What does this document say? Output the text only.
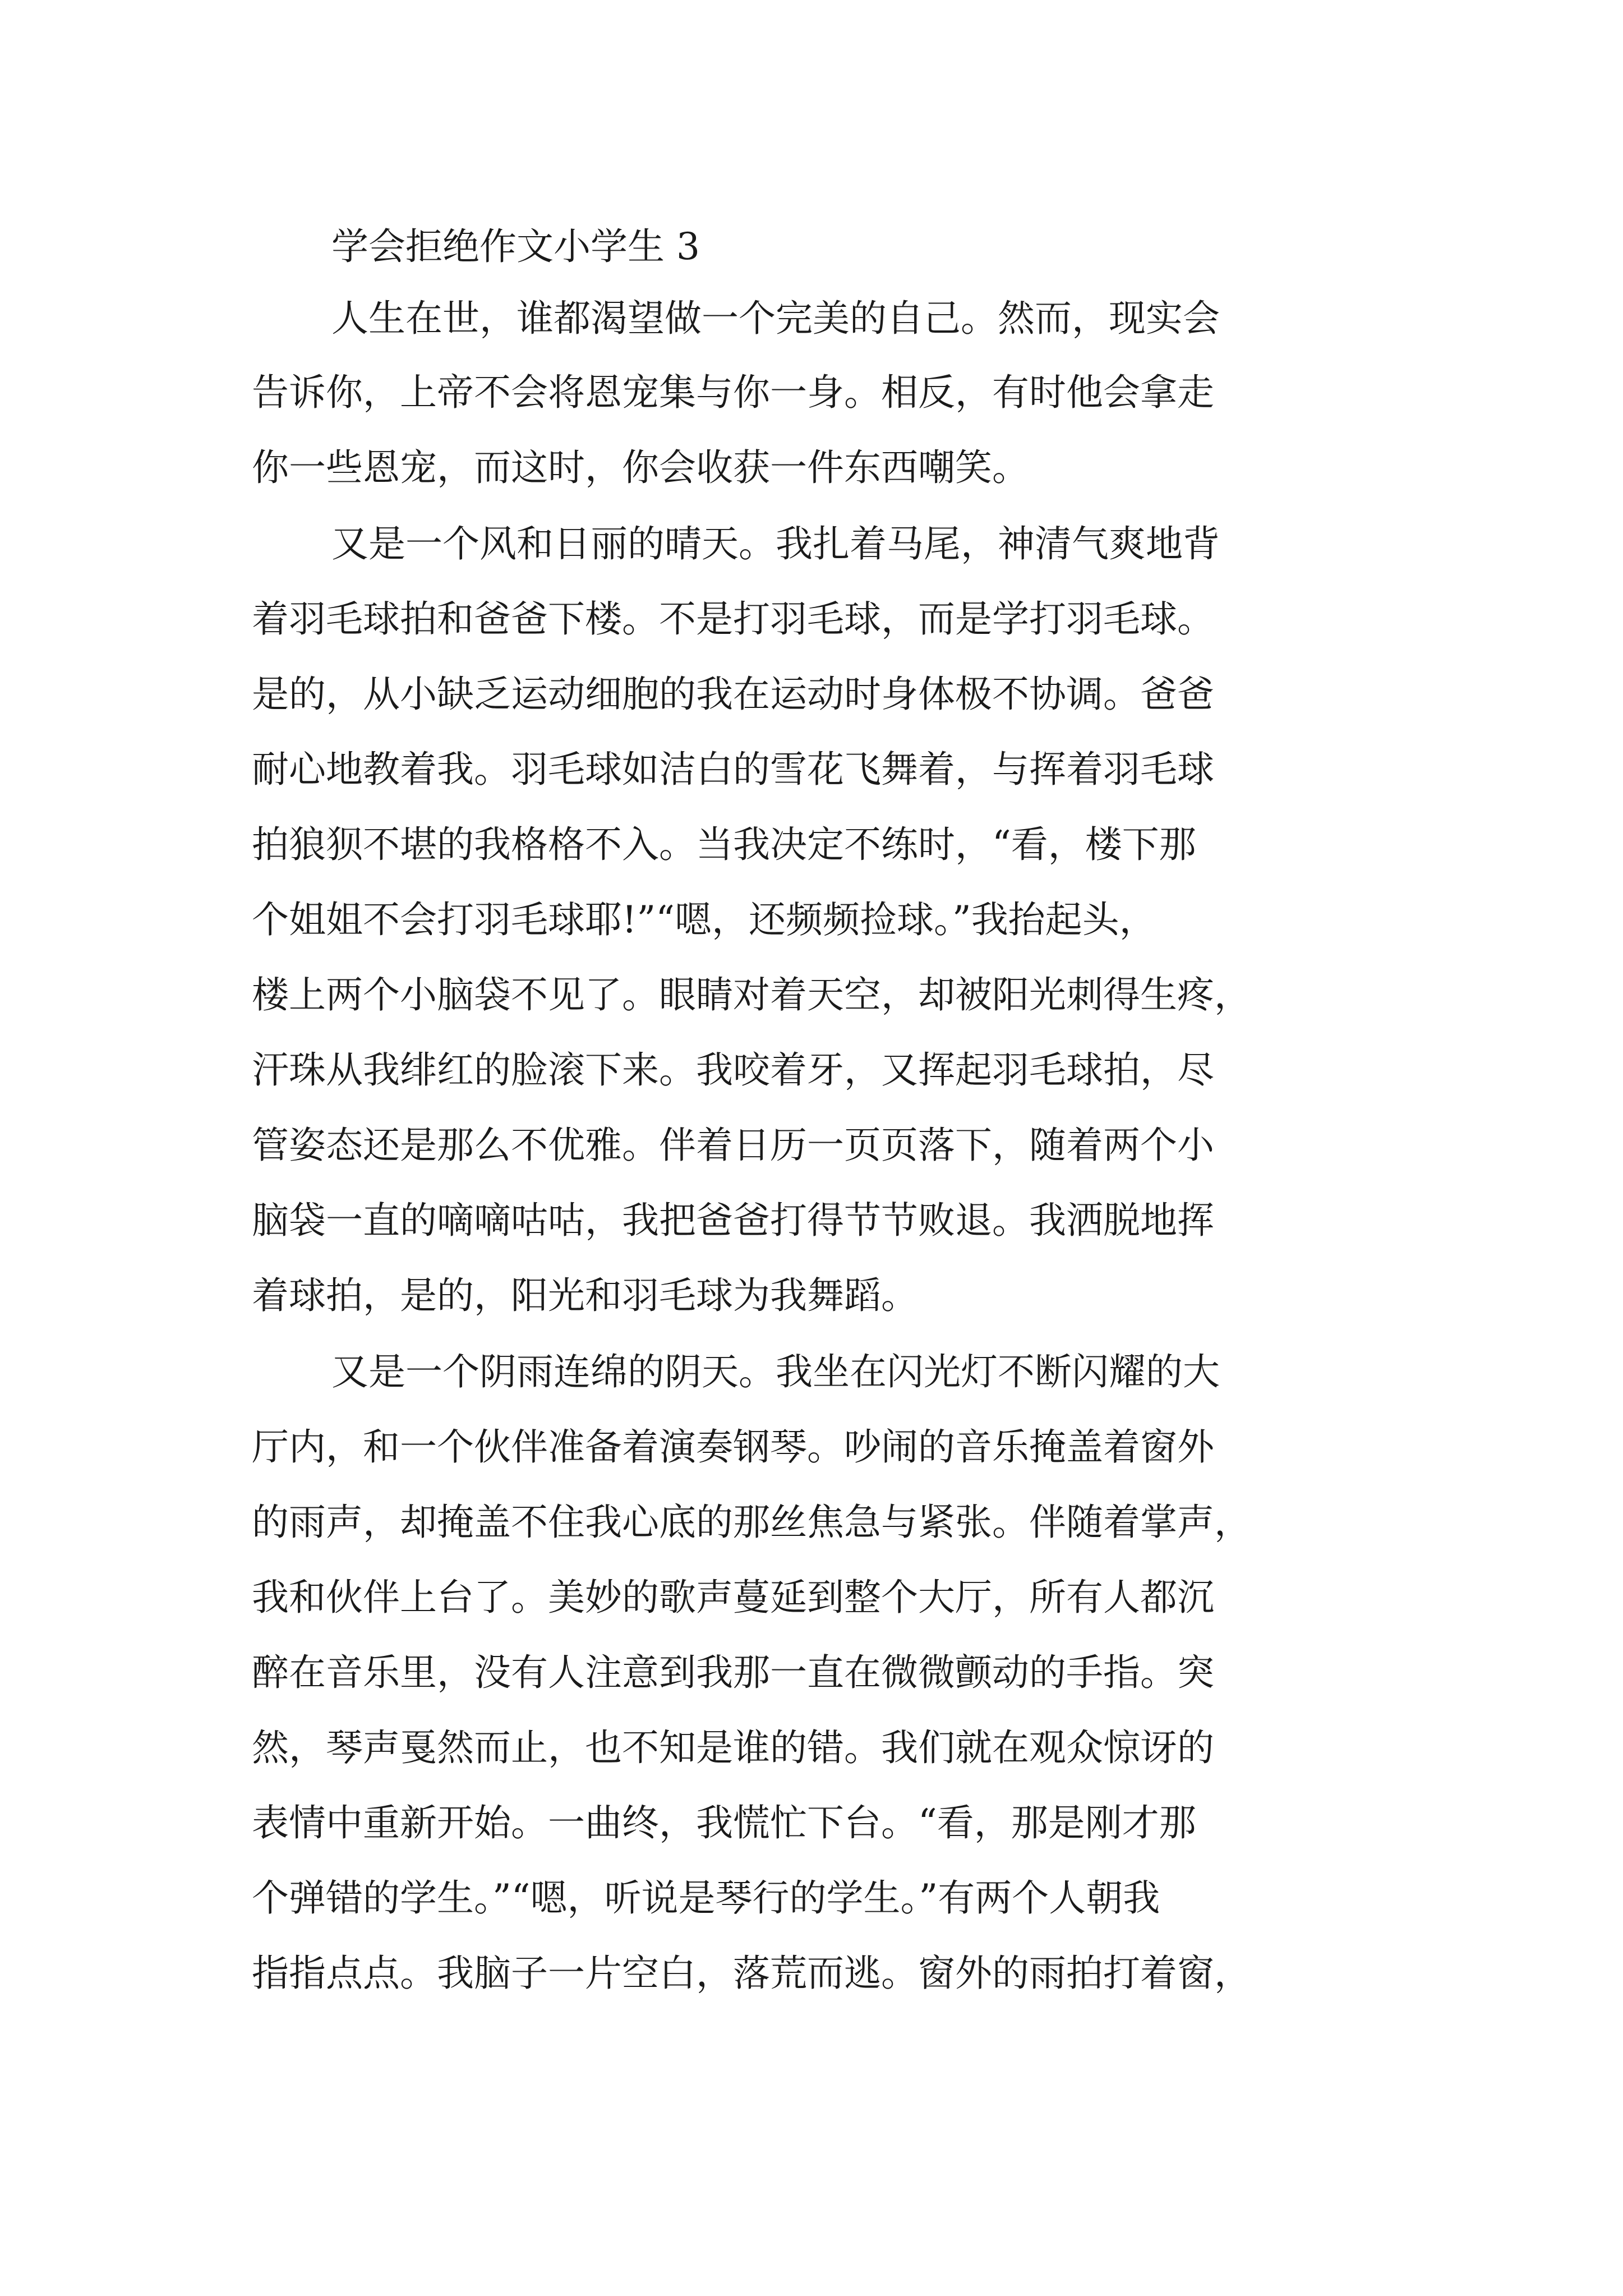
学会拒绝作文小学生 3
人生在世，谁都渴望做一个完美的自己。然而，现实会
告诉你，上帝不会将恩宠集与你一身。相反，有时他会拿走
你一些恩宠，而这时，你会收获一件东西嘲笑。
又是一个风和日丽的晴天。我扎着马尾，神清气爽地背
着羽毛球拍和爸爸下楼。不是打羽毛球，而是学打羽毛球。
是的，从小缺乏运动细胞的我在运动时身体极不协调。爸爸
耐心地教着我。羽毛球如洁白的雪花飞舞着，与挥着羽毛球
拍狼狈不堪的我格格不入。当我决定不练时，“看，楼下那
个姐姐不会打羽毛球耶!”“嗯，还频频捡球。”我抬起头，
楼上两个小脑袋不见了。眼睛对着天空，却被阳光刺得生疼，
汗珠从我绯红的脸滚下来。我咬着牙，又挥起羽毛球拍，尽
管姿态还是那么不优雅。伴着日历一页页落下，随着两个小
脑袋一直的嘀嘀咕咕，我把爸爸打得节节败退。我洒脱地挥
着球拍，是的，阳光和羽毛球为我舞蹈。
又是一个阴雨连绵的阴天。我坐在闪光灯不断闪耀的大
厅内，和一个伙伴准备着演奏钢琴。吵闹的音乐掩盖着窗外
的雨声，却掩盖不住我心底的那丝焦急与紧张。伴随着掌声，
我和伙伴上台了。美妙的歌声蔓延到整个大厅，所有人都沉
醉在音乐里，没有人注意到我那一直在微微颤动的手指。突
然，琴声戛然而止，也不知是谁的错。我们就在观众惊讶的
表情中重新开始。一曲终，我慌忙下台。“看，那是刚才那
个弹错的学生。”“嗯，听说是琴行的学生。”有两个人朝我
指指点点。我脑子一片空白，落荒而逃。窗外的雨拍打着窗，
